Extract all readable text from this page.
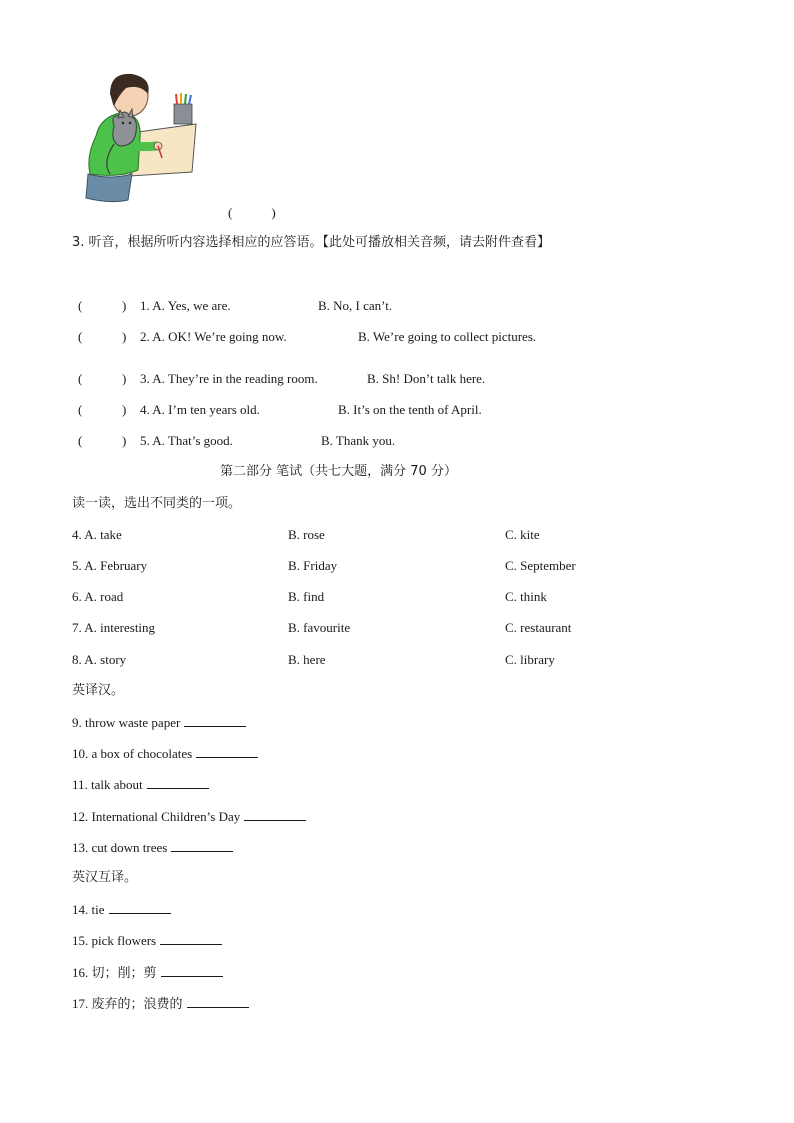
(　　　)
3. 听音，根据所听内容选择相应的应答语。【此处可播放相关音频，请去附件查看】
(	) 1. A. Yes, we are.	B. No, I can’t.
(	) 2. A. OK! We’re going now.	B. We’re going to collect pictures.
(	) 3. A. They’re in the reading room.	B. Sh! Don’t talk here.
(	) 4. A. I’m ten years old.	B. It’s on the tenth of April.
(	) 5. A. That’s good.	B. Thank you.
第二部分 笔试（共七大题，满分 70 分）
读一读，选出不同类的一项。
4. A. take	B. rose	C. kite
5. A. February	B. Friday	C. September
6. A. road	B. find	C. think
7. A. interesting	B. favourite	C. restaurant
8. A. story	B. here	C. library
英译汉。
9. throw waste paper
10. a box of chocolates
11. talk about
12. International Children’s Day
13. cut down trees
英汉互译。
14. tie
15. pick flowers
16. 切；削；剪
17. 废弃的；浪费的
